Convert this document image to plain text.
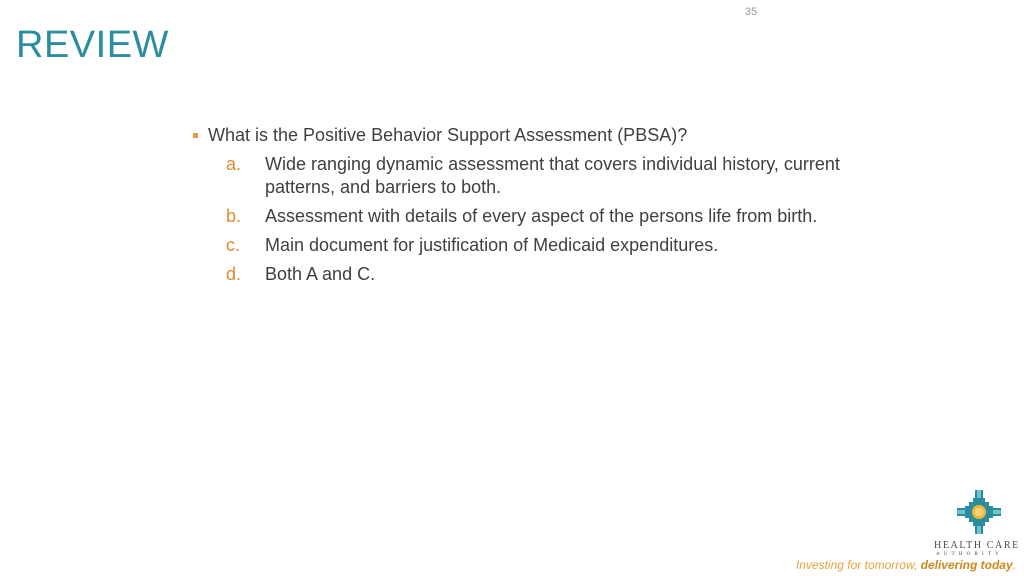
35
REVIEW
What is the Positive Behavior Support Assessment (PBSA)?
a.	Wide ranging dynamic assessment that covers individual history, current patterns, and barriers to both.
b.	Assessment with details of every aspect of the persons life from birth.
c.	Main document for justification of Medicaid expenditures.
d.	Both A and C.
HEALTH CARE
AUTHORITY
Investing for tomorrow, delivering today.
